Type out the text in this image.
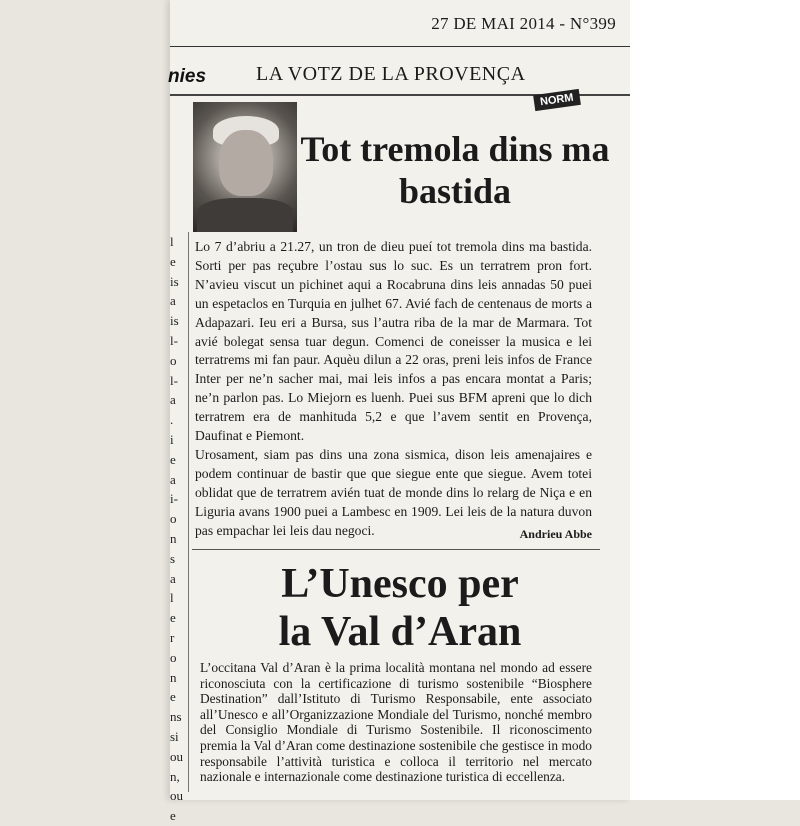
27 DE MAI 2014 - N°399
nies LA VOTZ DE LA PROVENÇA
l
e
is
a
is
l-
o
l-
a
.
i
e
a
i-
o
n
s
a
l
e
r
o
n
e
ns
si
ou
n,
ou
e
NORM
Tot tremola dins ma bastida

Lo 7 d’abriu a 21.27, un tron de dieu pueí tot tremola dins ma bastida. Sorti per pas reçubre l’ostau sus lo suc. Es un terratrem pron fort. N’avieu viscut un pichinet aqui a Rocabruna dins leis annadas 50 puei un espetaclos en Turquia en julhet 67. Avié fach de centenaus de morts a Adapazari. Ieu eri a Bursa, sus l’autra riba de la mar de Marmara. Tot avié bolegat sensa tuar degun. Comenci de coneisser la musica e lei terratrems mi fan paur. Aquèu dilun a 22 oras, preni leis infos de France Inter per ne’n sacher mai, mai leis infos a pas encara montat a Paris; ne’n parlon pas. Lo Miejorn es luenh. Puei sus BFM apreni que lo dich terratrem era de manhituda 5,2 e que l’avem sentit en Provença, Daufinat e Piemont.

Urosament, siam pas dins una zona sismica, dison leis amenajaires e podem continuar de bastir que que siegue ente que siegue. Avem totei oblidat que de terratrem avién tuat de monde dins lo relarg de Niça e en Liguria avans 1900 puei a Lambesc en 1909. Lei leis de la natura duvon pas empachar lei leis dau negoci.	Andrieu Abbe
L’Unesco per
la Val d’Aran

L’occitana Val d’Aran è la prima località montana nel mondo ad essere riconosciuta con la certificazione di turismo sostenibile “Biosphere Destination” dall’Istituto di Turismo Responsabile, ente associato all’Unesco e all’Organizzazione Mondiale del Turismo, nonché membro del Consiglio Mondiale di Turismo Sostenibile. Il riconoscimento premia la Val d’Aran come destinazione sostenibile che gestisce in modo responsabile l’attività turistica e colloca il territorio nel mercato nazionale e internazionale come destinazione turistica di eccellenza.
